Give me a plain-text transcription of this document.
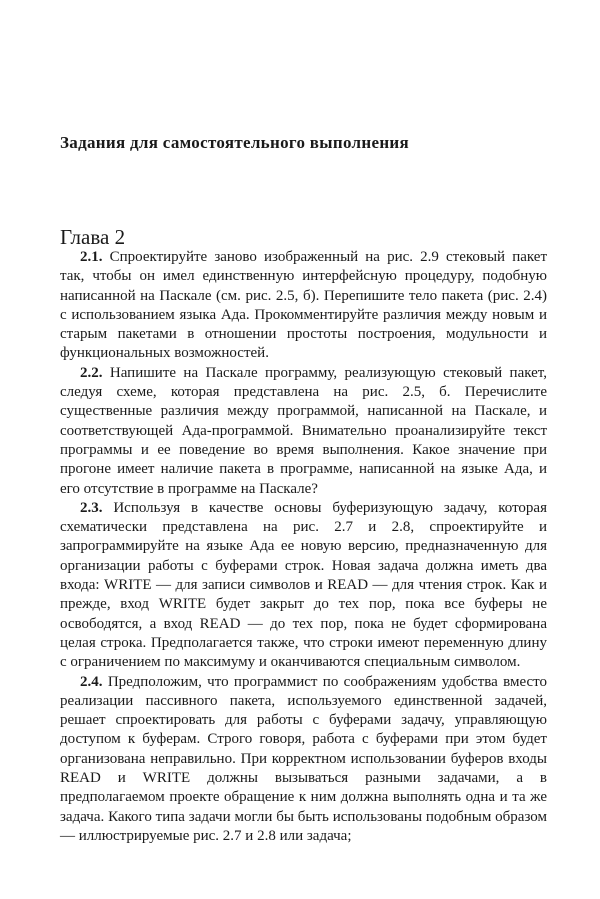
Задания для самостоятельного выполнения
Глава 2

2.1. Спроектируйте заново изображенный на рис. 2.9 стековый пакет так, чтобы он имел единственную интерфейсную процедуру, подобную написанной на Паскале (см. рис. 2.5, б). Перепишите тело пакета (рис. 2.4) с использованием языка Ада. Прокомментируйте различия между новым и старым пакетами в отношении простоты построения, модульности и функциональных возможностей.

2.2. Напишите на Паскале программу, реализующую стековый пакет, следуя схеме, которая представлена на рис. 2.5, б. Перечислите существенные различия между программой, написанной на Паскале, и соответствующей Ада-программой. Внимательно проанализируйте текст программы и ее поведение во время выполнения. Какое значение при прогоне имеет наличие пакета в программе, написанной на языке Ада, и его отсутствие в программе на Паскале?

2.3. Используя в качестве основы буферизующую задачу, которая схематически представлена на рис. 2.7 и 2.8, спроектируйте и запрограммируйте на языке Ада ее новую версию, предназначенную для организации работы с буферами строк. Новая задача должна иметь два входа: WRITE — для записи символов и READ — для чтения строк. Как и прежде, вход WRITE будет закрыт до тех пор, пока все буферы не освободятся, а вход READ — до тех пор, пока не будет сформирована целая строка. Предполагается также, что строки имеют переменную длину с ограничением по максимуму и оканчиваются специальным символом.

2.4. Предположим, что программист по соображениям удобства вместо реализации пассивного пакета, используемого единственной задачей, решает спроектировать для работы с буферами задачу, управляющую доступом к буферам. Строго говоря, работа с буферами при этом будет организована неправильно. При корректном использовании буферов входы READ и WRITE должны вызываться разными задачами, а в предполагаемом проекте обращение к ним должна выполнять одна и та же задача. Какого типа задачи могли бы быть использованы подобным образом — иллюстрируемые рис. 2.7 и 2.8 или задача;
